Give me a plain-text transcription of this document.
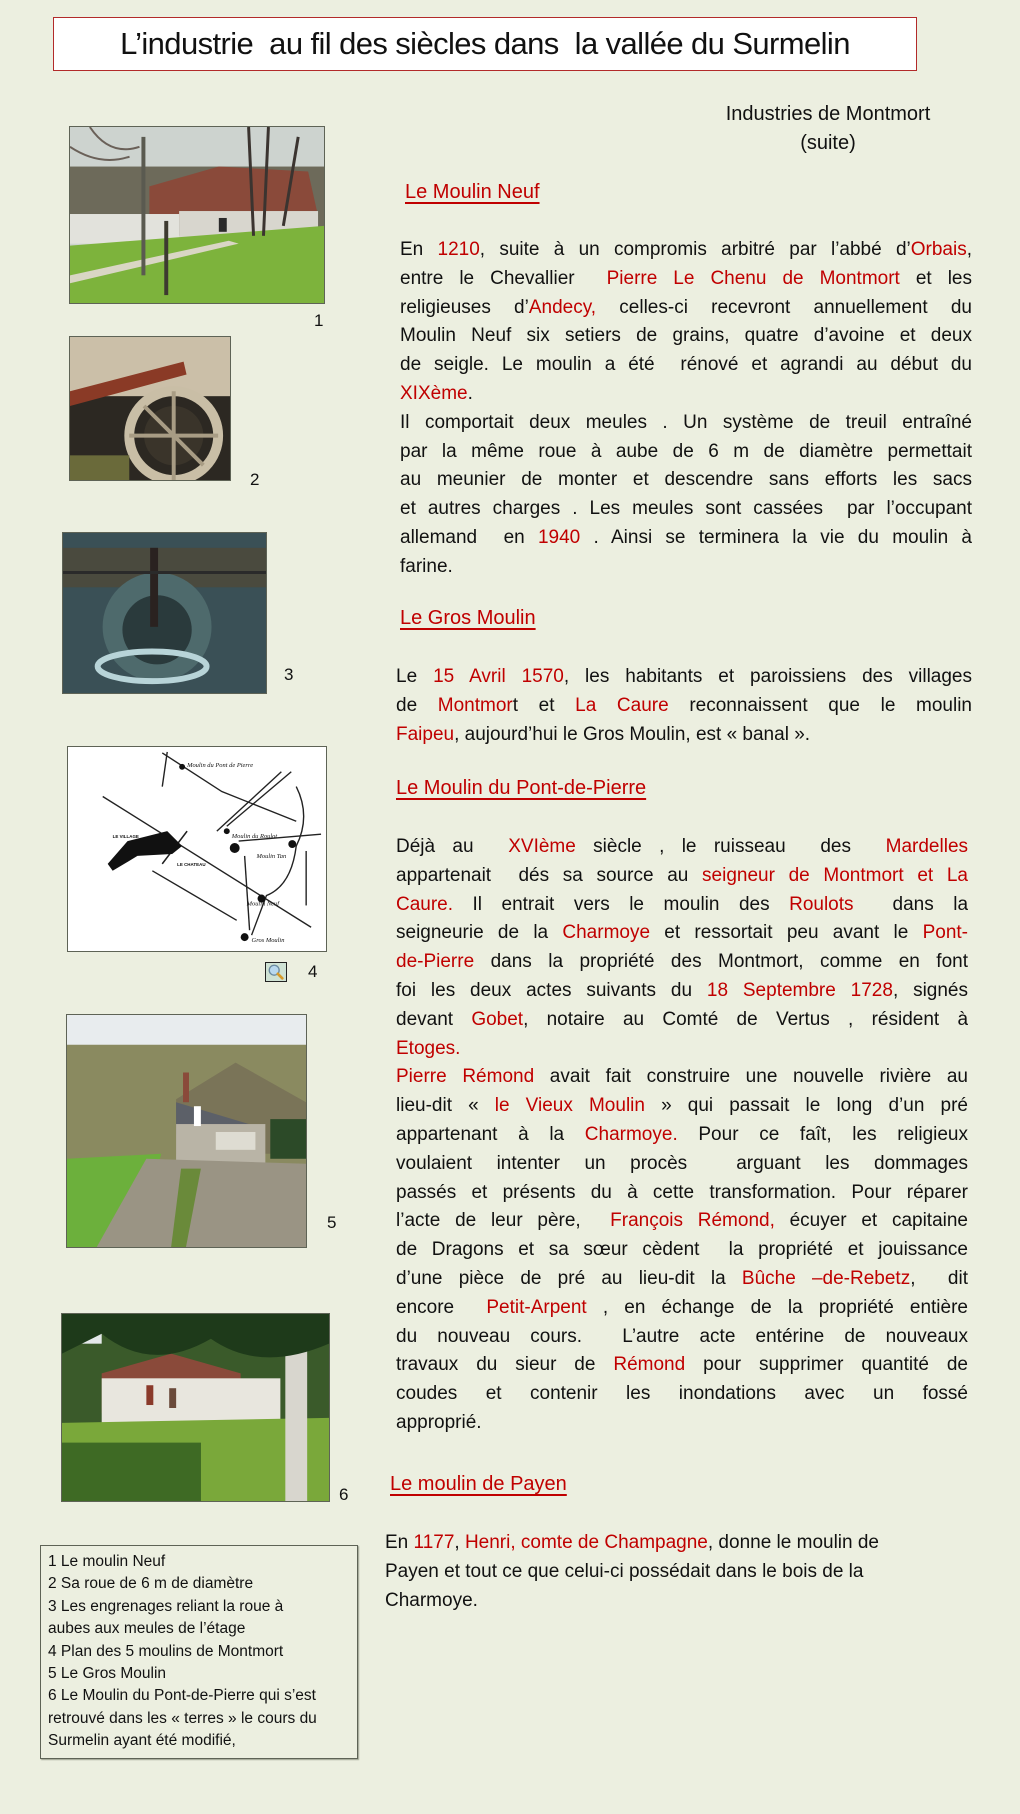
L’industrie  au fil des siècles dans  la vallée du Surmelin
Industries de Montmort
(suite)
Le Moulin Neuf
Le Gros Moulin
Le Moulin du Pont-de-Pierre
Le moulin de Payen
En 1210, suite à un compromis arbitré par l’abbé d’Orbais,
entre le Chevallier  Pierre Le Chenu de Montmort et les
religieuses d’Andecy, celles-ci recevront annuellement du
Moulin Neuf six setiers de grains, quatre d’avoine et deux
de seigle. Le moulin a été  rénové et agrandi au début du
XIXème.
Il comportait deux meules . Un système de treuil entraîné
par la même roue à aube de 6 m de diamètre permettait
au meunier de monter et descendre sans efforts les sacs
et autres charges . Les meules sont cassées  par l’occupant
allemand  en 1940 . Ainsi se terminera la vie du moulin à
farine.
Le 15 Avril 1570, les habitants et paroissiens des villages
de Montmort et La Caure reconnaissent que le moulin
Faipeu, aujourd’hui le Gros Moulin, est « banal ».
Déjà au  XVIème siècle , le ruisseau  des  Mardelles
appartenait  dés sa source au seigneur de Montmort et La
Caure. Il entrait vers le moulin des Roulots  dans la
seigneurie de la Charmoye et ressortait peu avant le Pont-
de-Pierre dans la propriété des Montmort, comme en font
foi les deux actes suivants du 18 Septembre 1728, signés
devant Gobet, notaire au Comté de Vertus , résident à
Etoges.
Pierre Rémond avait fait construire une nouvelle rivière au
lieu-dit « le Vieux Moulin » qui passait le long d’un pré
appartenant à la Charmoye. Pour ce faît, les religieux
voulaient intenter un procès  arguant les dommages
passés et présents du à cette transformation. Pour réparer
l’acte de leur père,  François Rémond, écuyer et capitaine
de Dragons et sa sœur cèdent  la propriété et jouissance
d’une pièce de pré au lieu-dit la Bûche –de-Rebetz,  dit
encore  Petit-Arpent , en échange de la propriété entière
du nouveau cours.  L’autre acte entérine de nouveaux
travaux du sieur de Rémond pour supprimer quantité de
coudes et contenir les inondations avec un fossé
approprié.
En 1177, Henri, comte de Champagne, donne le moulin de
Payen et tout ce que celui-ci possédait dans le bois de la
Charmoye.
1
2
3
Moulin du Pont de Pierre
Moulin du Roulot
Moulin Tan
Moulin Neuf
Gros Moulin
LE VILLAGE
LE CHATEAU
4
5
6
1 Le moulin Neuf
2 Sa roue de 6 m de diamètre
3 Les engrenages reliant la roue à
aubes aux meules de l’étage
4 Plan des 5 moulins de Montmort
5 Le Gros Moulin
6 Le Moulin du Pont-de-Pierre qui s’est
retrouvé dans les « terres » le cours du
Surmelin ayant été modifié,
